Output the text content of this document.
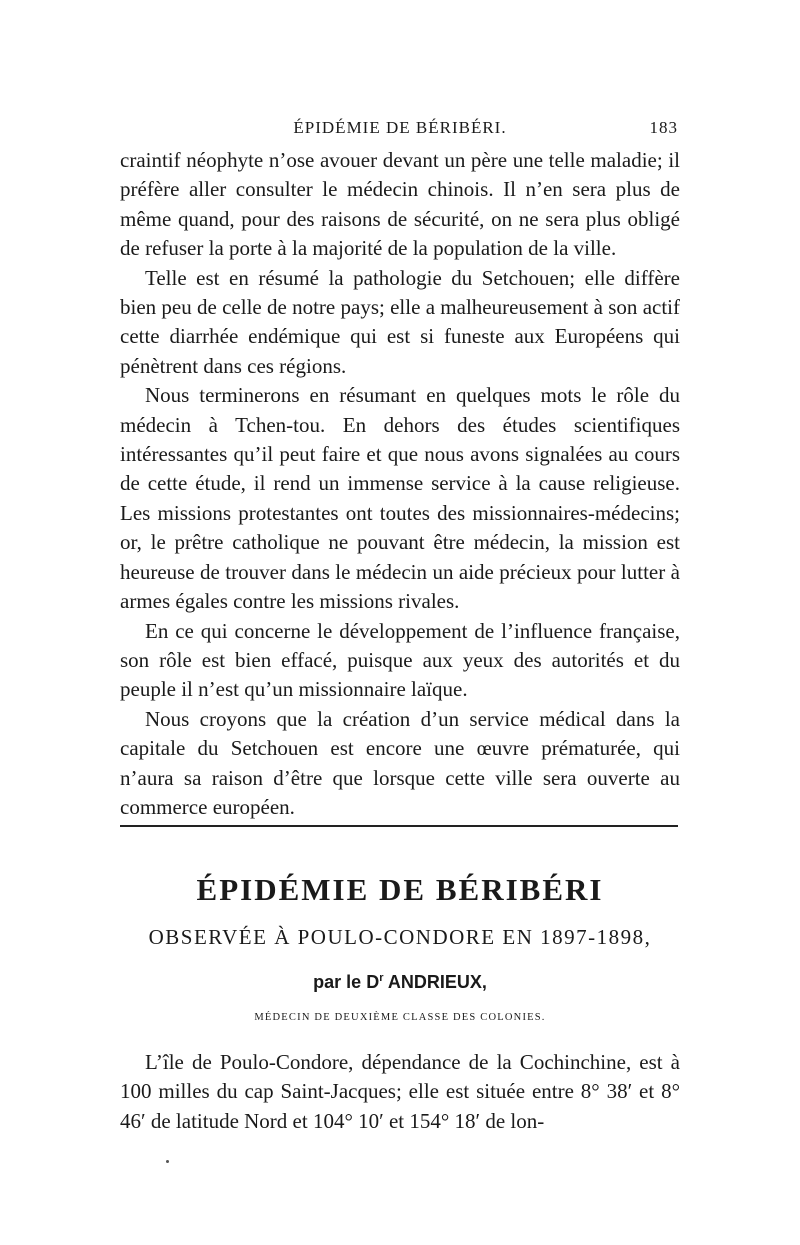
ÉPIDÉMIE DE BÉRIBÉRI.	183

craintif néophyte n’ose avouer devant un père une telle maladie; il préfère aller consulter le médecin chinois. Il n’en sera plus de même quand, pour des raisons de sécurité, on ne sera plus obligé de refuser la porte à la majorité de la population de la ville.

Telle est en résumé la pathologie du Setchouen; elle diffère bien peu de celle de notre pays; elle a malheureusement à son actif cette diarrhée endémique qui est si funeste aux Européens qui pénètrent dans ces régions.

Nous terminerons en résumant en quelques mots le rôle du médecin à Tchen-tou. En dehors des études scientifiques intéressantes qu’il peut faire et que nous avons signalées au cours de cette étude, il rend un immense service à la cause religieuse. Les missions protestantes ont toutes des missionnaires-médecins; or, le prêtre catholique ne pouvant être médecin, la mission est heureuse de trouver dans le médecin un aide précieux pour lutter à armes égales contre les missions rivales.

En ce qui concerne le développement de l’influence française, son rôle est bien effacé, puisque aux yeux des autorités et du peuple il n’est qu’un missionnaire laïque.

Nous croyons que la création d’un service médical dans la capitale du Setchouen est encore une œuvre prématurée, qui n’aura sa raison d’être que lorsque cette ville sera ouverte au commerce européen.

ÉPIDÉMIE DE BÉRIBÉRI
OBSERVÉE À POULO-CONDORE EN 1897-1898,
par le $D^r$ ANDRIEUX,
MÉDECIN DE DEUXIÈME CLASSE DES COLONIES.

L’île de Poulo-Condore, dépendance de la Cochinchine, est à 100 milles du cap Saint-Jacques; elle est située entre 8° 38′ et 8° 46′ de latitude Nord et 104° 10′ et 154° 18′ de lon-
